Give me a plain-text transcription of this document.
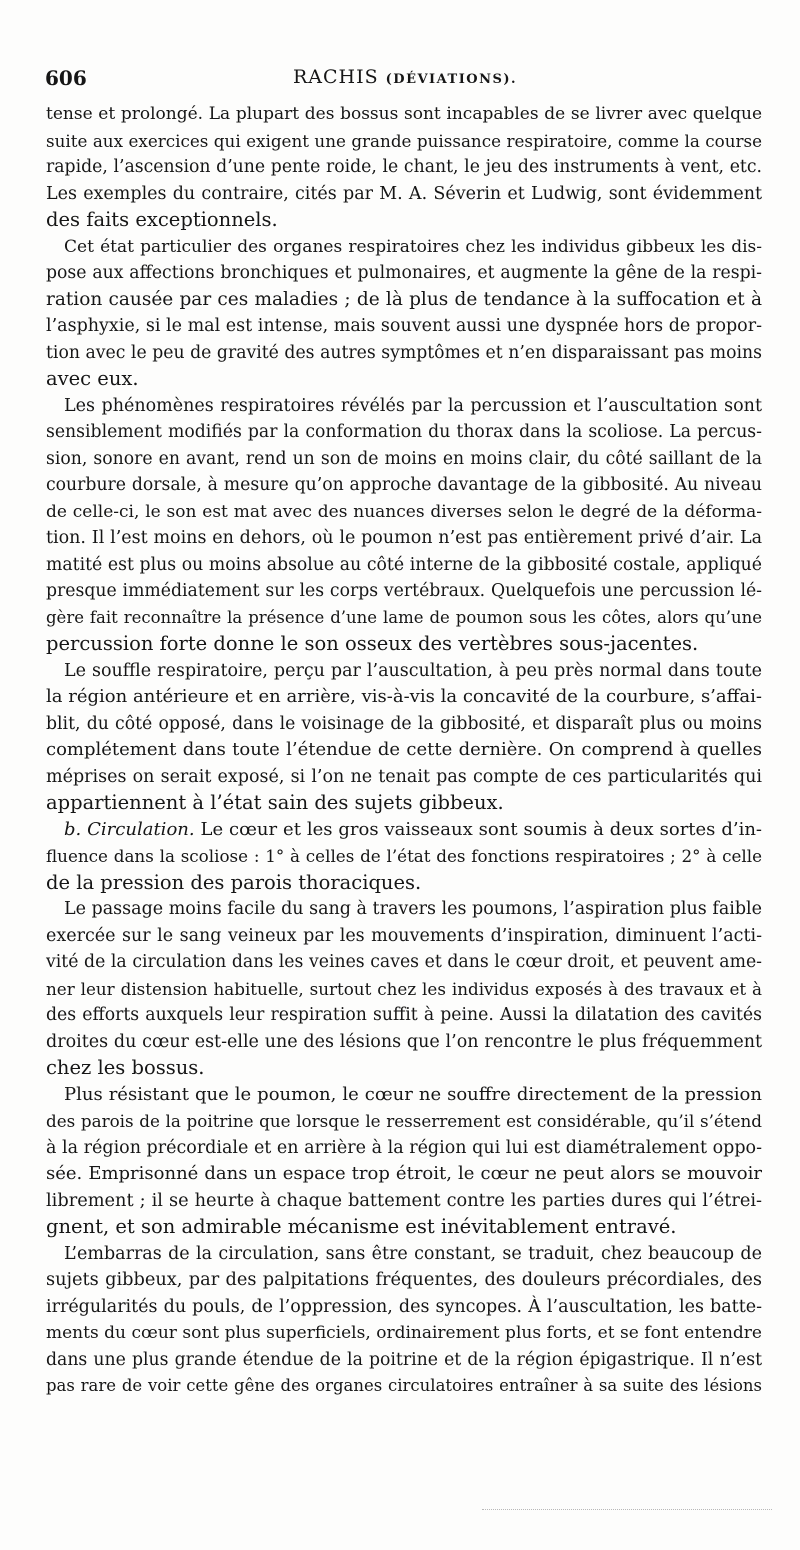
606	RACHIS (DÉVIATIONS).
tense et prolongé. La plupart des bossus sont incapables de se livrer avec quelque
suite aux exercices qui exigent une grande puissance respiratoire, comme la course
rapide, l’ascension d’une pente roide, le chant, le jeu des instruments à vent, etc.
Les exemples du contraire, cités par M. A. Séverin et Ludwig, sont évidemment
des faits exceptionnels.
Cet état particulier des organes respiratoires chez les individus gibbeux les dis-
pose aux affections bronchiques et pulmonaires, et augmente la gêne de la respi-
ration causée par ces maladies ; de là plus de tendance à la suffocation et à
l’asphyxie, si le mal est intense, mais souvent aussi une dyspnée hors de propor-
tion avec le peu de gravité des autres symptômes et n’en disparaissant pas moins
avec eux.
Les phénomènes respiratoires révélés par la percussion et l’auscultation sont
sensiblement modifiés par la conformation du thorax dans la scoliose. La percus-
sion, sonore en avant, rend un son de moins en moins clair, du côté saillant de la
courbure dorsale, à mesure qu’on approche davantage de la gibbosité. Au niveau
de celle-ci, le son est mat avec des nuances diverses selon le degré de la déforma-
tion. Il l’est moins en dehors, où le poumon n’est pas entièrement privé d’air. La
matité est plus ou moins absolue au côté interne de la gibbosité costale, appliqué
presque immédiatement sur les corps vertébraux. Quelquefois une percussion lé-
gère fait reconnaître la présence d’une lame de poumon sous les côtes, alors qu’une
percussion forte donne le son osseux des vertèbres sous-jacentes.
Le souffle respiratoire, perçu par l’auscultation, à peu près normal dans toute
la région antérieure et en arrière, vis-à-vis la concavité de la courbure, s’affai-
blit, du côté opposé, dans le voisinage de la gibbosité, et disparaît plus ou moins
complétement dans toute l’étendue de cette dernière. On comprend à quelles
méprises on serait exposé, si l’on ne tenait pas compte de ces particularités qui
appartiennent à l’état sain des sujets gibbeux.
b. Circulation. Le cœur et les gros vaisseaux sont soumis à deux sortes d’in-
fluence dans la scoliose : 1° à celles de l’état des fonctions respiratoires ; 2° à celle
de la pression des parois thoraciques.
Le passage moins facile du sang à travers les poumons, l’aspiration plus faible
exercée sur le sang veineux par les mouvements d’inspiration, diminuent l’acti-
vité de la circulation dans les veines caves et dans le cœur droit, et peuvent ame-
ner leur distension habituelle, surtout chez les individus exposés à des travaux et à
des efforts auxquels leur respiration suffit à peine. Aussi la dilatation des cavités
droites du cœur est-elle une des lésions que l’on rencontre le plus fréquemment
chez les bossus.
Plus résistant que le poumon, le cœur ne souffre directement de la pression
des parois de la poitrine que lorsque le resserrement est considérable, qu’il s’étend
à la région précordiale et en arrière à la région qui lui est diamétralement oppo-
sée. Emprisonné dans un espace trop étroit, le cœur ne peut alors se mouvoir
librement ; il se heurte à chaque battement contre les parties dures qui l’étrei-
gnent, et son admirable mécanisme est inévitablement entravé.
L’embarras de la circulation, sans être constant, se traduit, chez beaucoup de
sujets gibbeux, par des palpitations fréquentes, des douleurs précordiales, des
irrégularités du pouls, de l’oppression, des syncopes. À l’auscultation, les batte-
ments du cœur sont plus superficiels, ordinairement plus forts, et se font entendre
dans une plus grande étendue de la poitrine et de la région épigastrique. Il n’est
pas rare de voir cette gêne des organes circulatoires entraîner à sa suite des lésions
